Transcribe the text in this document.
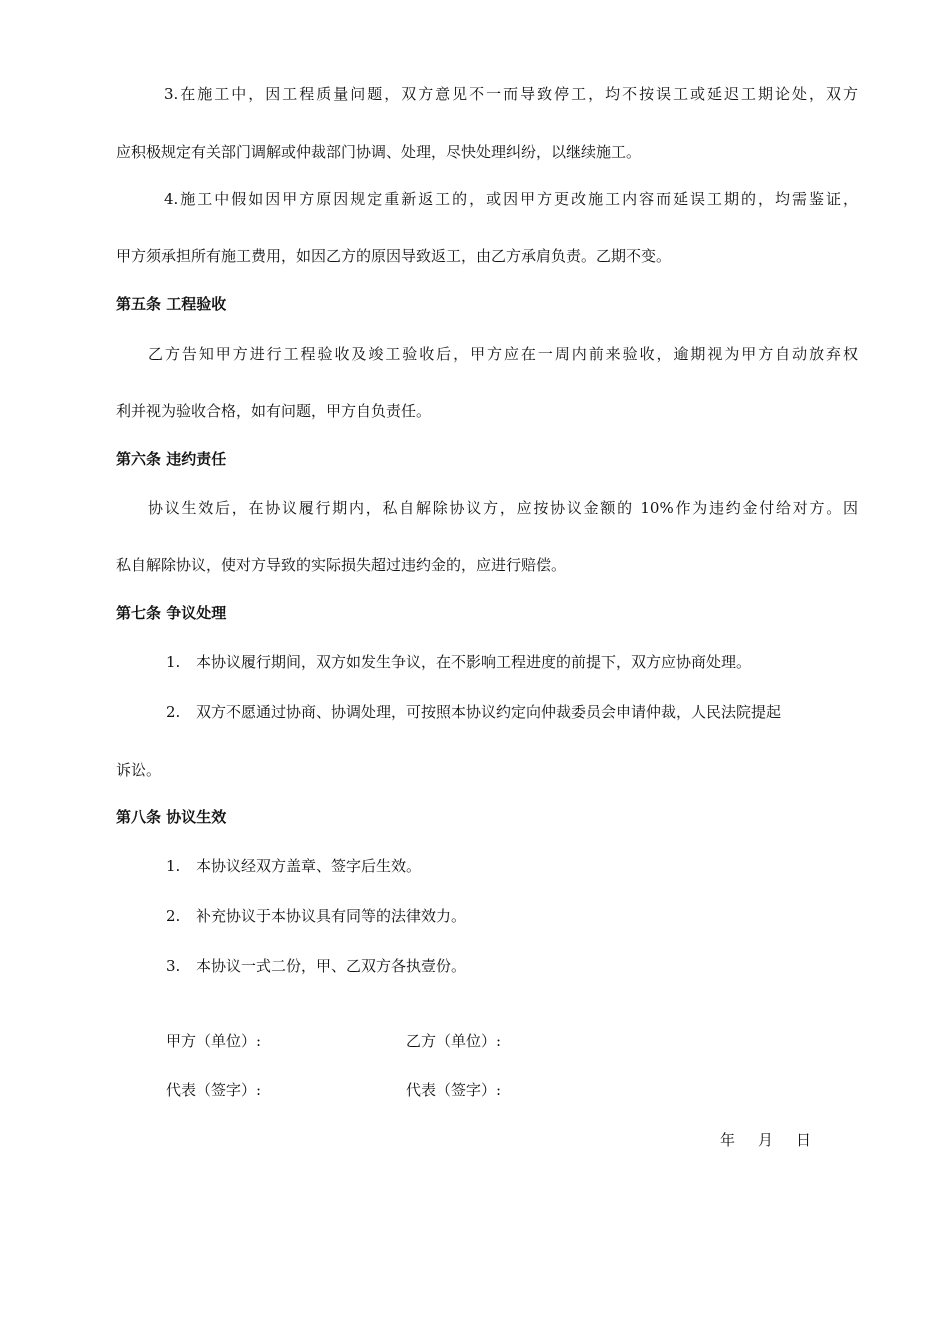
3.在施工中，因工程质量问题，双方意见不一而导致停工，均不按误工或延迟工期论处，双方
应积极规定有关部门调解或仲裁部门协调、处理，尽快处理纠纷，以继续施工。
4.施工中假如因甲方原因规定重新返工的，或因甲方更改施工内容而延误工期的，均需鉴证，
甲方须承担所有施工费用，如因乙方的原因导致返工，由乙方承肩负责。乙期不变。
第五条 工程验收
乙方告知甲方进行工程验收及竣工验收后，甲方应在一周内前来验收，逾期视为甲方自动放弃权
利并视为验收合格，如有问题，甲方自负责任。
第六条 违约责任
协议生效后，在协议履行期内，私自解除协议方，应按协议金额的 10%作为违约金付给对方。因
私自解除协议，使对方导致的实际损失超过违约金的，应进行赔偿。
第七条 争议处理
1. 本协议履行期间，双方如发生争议，在不影响工程进度的前提下，双方应协商处理。
2. 双方不愿通过协商、协调处理，可按照本协议约定向仲裁委员会申请仲裁，人民法院提起
诉讼。
第八条 协议生效
1. 本协议经双方盖章、签字后生效。
2. 补充协议于本协议具有同等的法律效力。
3. 本协议一式二份，甲、乙双方各执壹份。
甲方（单位）:	乙方（单位）:
代表（签字）:	代表（签字）:
年 月 日
